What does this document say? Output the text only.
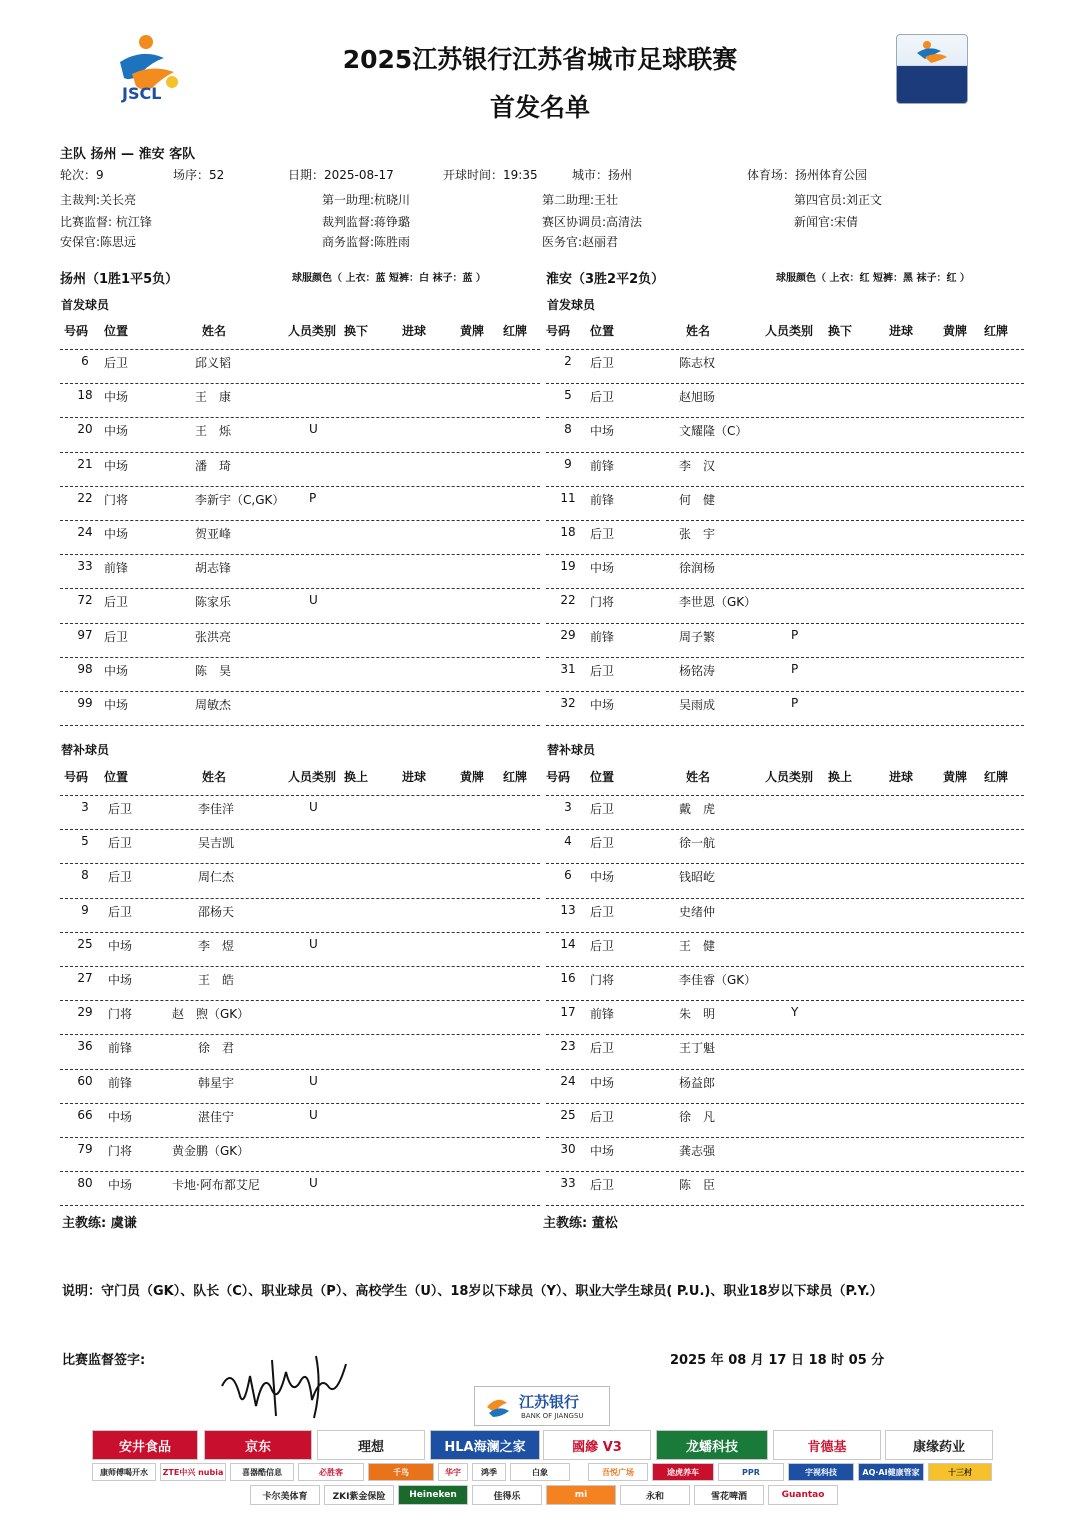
JSCL
2025江苏银行江苏省城市足球联赛
首发名单
主队 扬州 — 淮安 客队
轮次：9	场序：52	日期：2025-08-17	开球时间：19:35	城市：扬州	体育场：扬州体育公园
主裁判:关长亮	第一助理:杭晓川	第二助理:王壮	第四官员:刘正文
比赛监督: 杭江锋	裁判监督:蒋铮璐	赛区协调员:高清法	新闻官:宋倩
安保官:陈思远	商务监督:陈胜雨	医务官:赵丽君
扬州（1胜1平5负）	球服颜色（ 上衣：蓝 短裤：白 袜子：蓝 ）	淮安（3胜2平2负）	球服颜色（ 上衣：红 短裤：黑 袜子：红 ）
首发球员
号码 位置	姓名	人员类别 换下	进球	黄牌 红牌
6	后卫	邱义韬
18 中场	王　康
20 中场	王　烁	U
21 中场	潘　琦
22 门将	李新宇（C,GK） P
24 中场	贺亚峰
33 前锋	胡志锋
72 后卫	陈家乐	U
97 后卫	张洪亮
98 中场	陈　昊
99 中场	周敏杰
替补球员
号码 位置	姓名	人员类别 换上	进球	黄牌 红牌
3	后卫	李佳洋	U
5	后卫	吴吉凯
8	后卫	周仁杰
9	后卫	邵杨天
25	中场	李　煜	U
27	中场	王　皓
29	门将	赵　煦（GK）
36	前锋	徐　君
60	前锋	韩星宇	U
66	中场	湛佳宁	U
79	门将	黄金鹏（GK）
80	中场	卡地·阿布都艾尼	U
首发球员
号码 位置	姓名	人员类别 换下	进球 黄牌 红牌
2	后卫	陈志权
5	后卫	赵旭旸
8	中场	文耀隆（C）
9	前锋	李　汉
11	前锋	何　健
18	后卫	张　宇
19	中场	徐润杨
22	门将	李世恩（GK）
29	前锋	周子繁	P
31	后卫	杨铭涛	P
32	中场	吴雨成	P
替补球员
号码 位置	姓名	人员类别 换上	进球 黄牌 红牌
3	后卫	戴　虎
4	后卫	徐一航
6	中场	钱昭屹
13	后卫	史绪仲
14	后卫	王　健
16	门将	李佳睿（GK）
17	前锋	朱　明	Y
23	后卫	王丁魁
24	中场	杨益郎
25	后卫	徐　凡
30	中场	龚志强
33	后卫	陈　臣
主教练: 虞谦	主教练: 董松
说明：守门员（GK）、队长（C）、职业球员（P）、高校学生（U）、18岁以下球员（Y）、职业大学生球员( P.U.)、职业18岁以下球员（P.Y.）
比赛监督签字:	2025 年 08 月 17 日 18 时 05 分
江苏银行
BANK OF JIANGSU
安井食品	京东	理想	HLA海澜之家	國縿 V3	龙蟠科技	肯德基	康缘药业
康师傅喝开水	ZTE中兴 nubia	喜器酷信息	必胜客	千鸟	华宇	鸿季	白象	吾悦广场	途虎养车	PPR	宇视科技	AQ·AI健康管家	十三村
卡尔美体育	ZKI紫金保险	Heineken	佳得乐	mi	永和	雪花啤酒	Guantao
